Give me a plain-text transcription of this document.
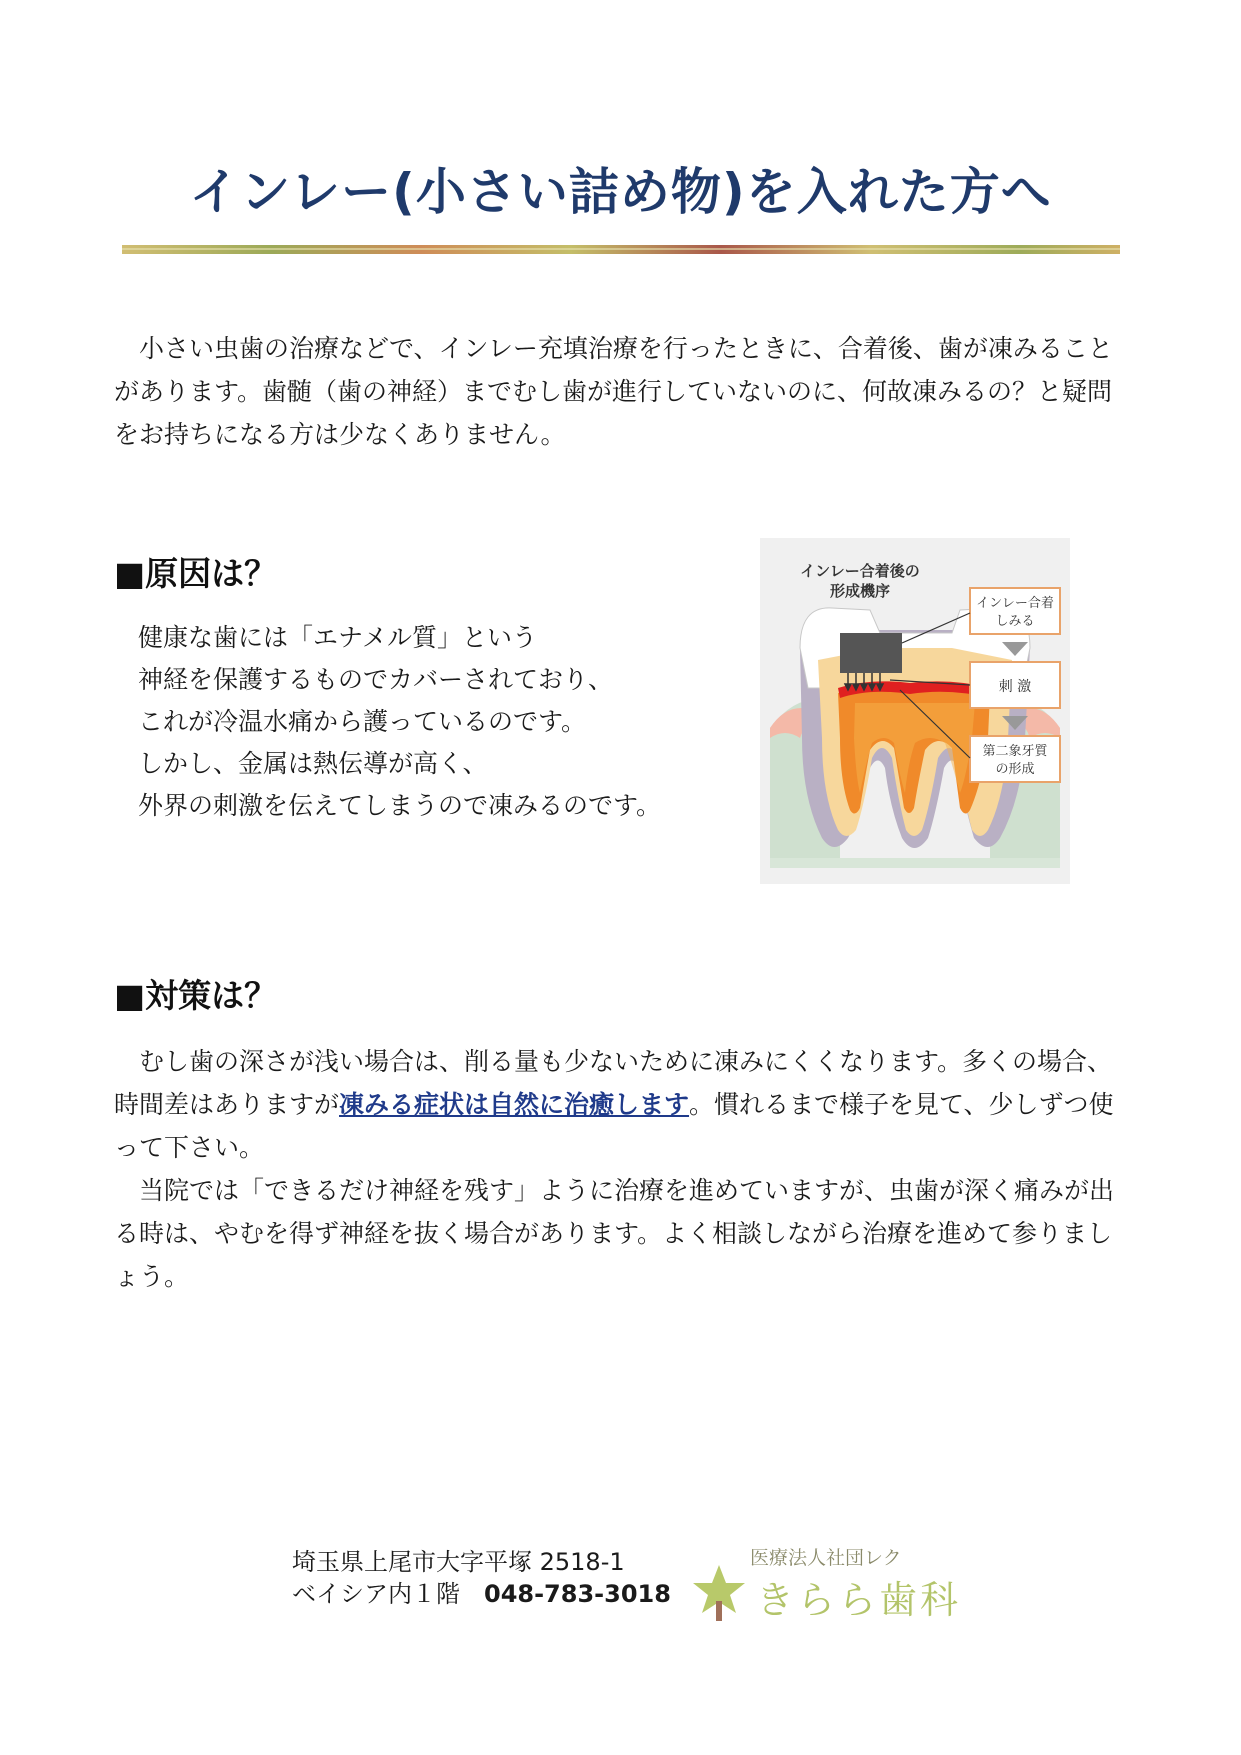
インレー(小さい詰め物)を入れた方へ
小さい虫歯の治療などで、インレー充填治療を行ったときに、合着後、歯が凍みることがあります。歯髄（歯の神経）までむし歯が進行していないのに、何故凍みるの？と疑問をお持ちになる方は少なくありません。
■原因は？
健康な歯には「エナメル質」という
神経を保護するものでカバーされており、
これが冷温水痛から護っているのです。
しかし、金属は熱伝導が高く、
外界の刺激を伝えてしまうので凍みるのです。
インレー合着後の
形成機序
インレー合着
しみる
刺 激
第二象牙質
の形成
■対策は？
むし歯の深さが浅い場合は、削る量も少ないために凍みにくくなります。多くの場合、時間差はありますが凍みる症状は自然に治癒します。慣れるまで様子を見て、少しずつ使って下さい。
当院では「できるだけ神経を残す」ように治療を進めていますが、虫歯が深く痛みが出る時は、やむを得ず神経を抜く場合があります。よく相談しながら治療を進めて参りましょう。
埼玉県上尾市大字平塚 2518-1
ベイシア内１階 048-783-3018
医療法人社団レク
きらら歯科
